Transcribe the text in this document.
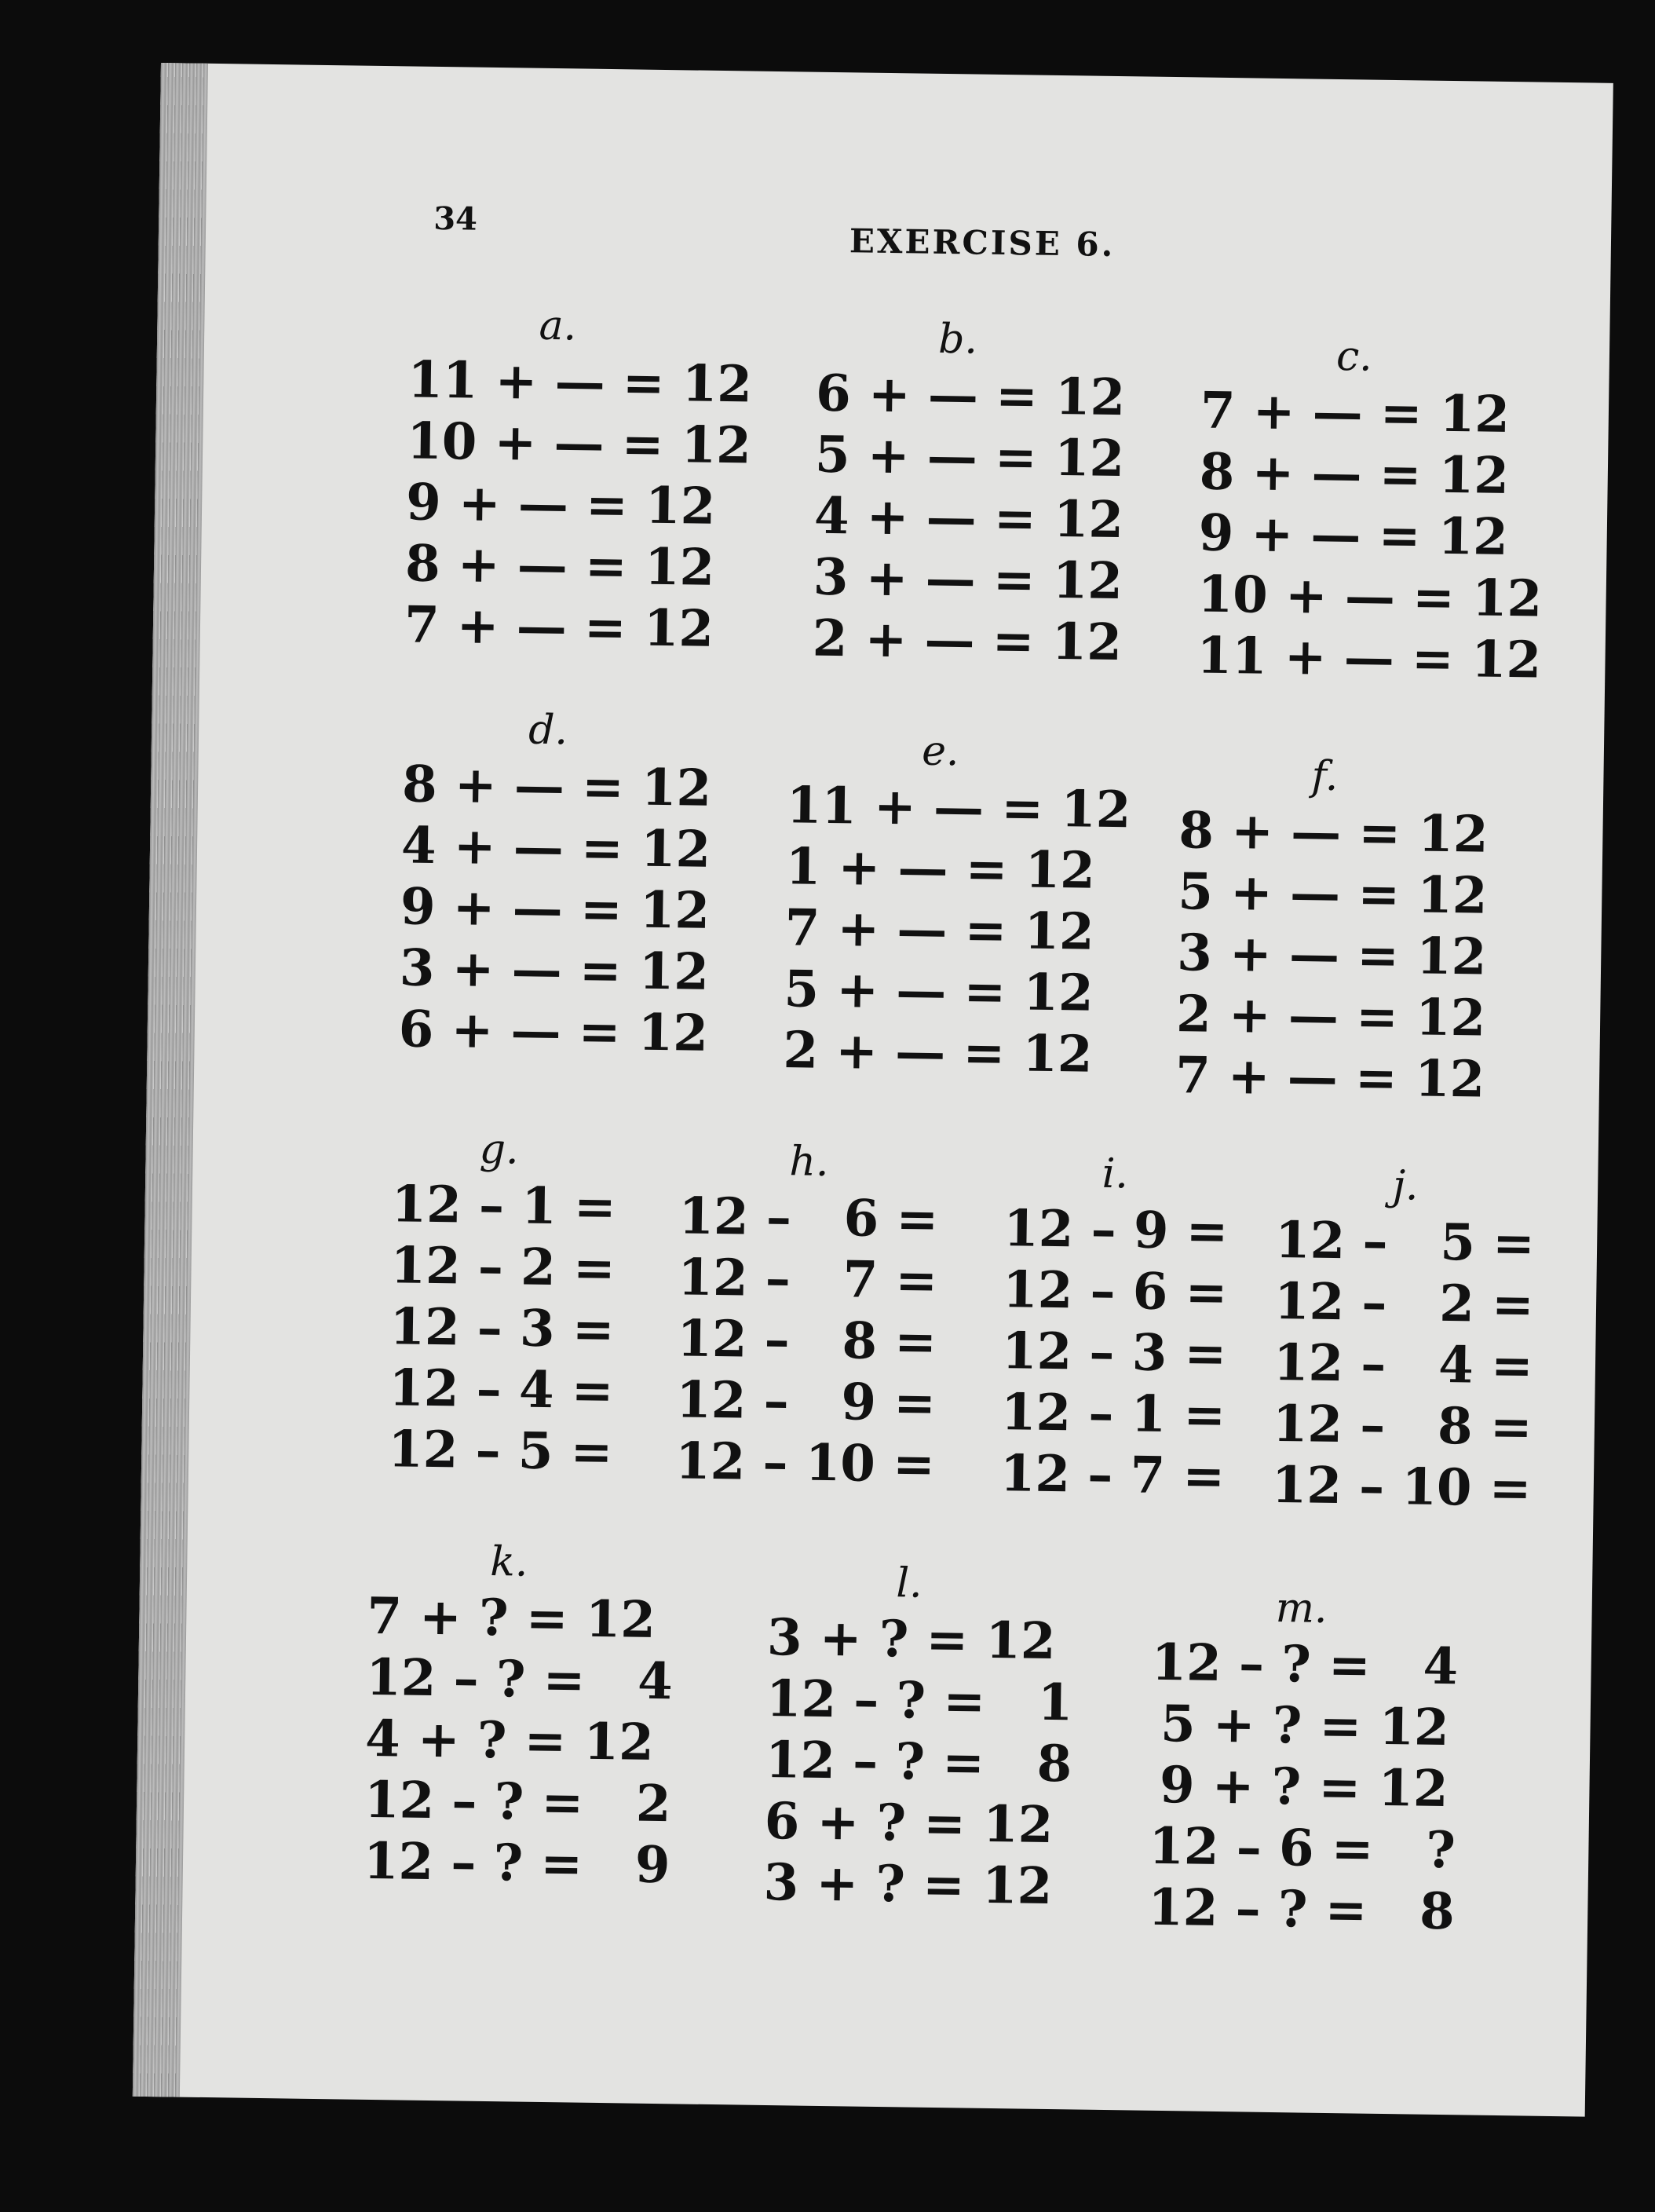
34
EXERCISE 6.
a.
11 + — = 12
10 + — = 12
9 + — = 12
8 + — = 12
7 + — = 12
b.
6 + — = 12
5 + — = 12
4 + — = 12
3 + — = 12
2 + — = 12
c.
7 + — = 12
8 + — = 12
9 + — = 12
10 + — = 12
11 + — = 12
d.
8 + — = 12
4 + — = 12
9 + — = 12
3 + — = 12
6 + — = 12
e.
11 + — = 12
1 + — = 12
7 + — = 12
5 + — = 12
2 + — = 12
f.
8 + — = 12
5 + — = 12
3 + — = 12
2 + — = 12
7 + — = 12
g.
12 – 1 =
12 – 2 =
12 – 3 =
12 – 4 =
12 – 5 =
h.
12 –   6 =
12 –   7 =
12 –   8 =
12 –   9 =
12 – 10 =
i.
12 – 9 =
12 – 6 =
12 – 3 =
12 – 1 =
12 – 7 =
j.
12 –   5 =
12 –   2 =
12 –   4 =
12 –   8 =
12 – 10 =
k.
7 + ? = 12
12 – ? =   4
4 + ? = 12
12 – ? =   2
12 – ? =   9
l.
3 + ? = 12
12 – ? =   1
12 – ? =   8
6 + ? = 12
3 + ? = 12
m.
12 – ? =   4
5 + ? = 12
9 + ? = 12
12 – 6 =   ?
12 – ? =   8
